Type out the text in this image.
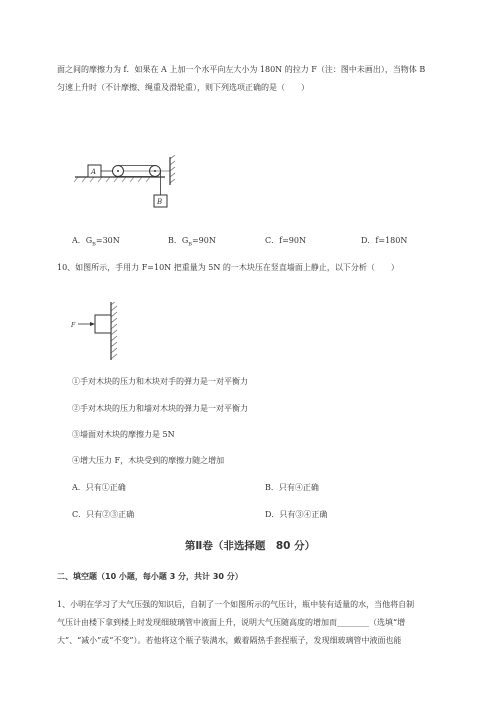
面之间的摩擦力为 f．如果在 A 上加一个水平向左大小为 180N 的拉力 F（注：图中未画出），当物体 B
匀速上升时（不计摩擦、绳重及滑轮重），则下列选项正确的是（　　）
A
B
A．$G_B=30N$	B．$G_B=90N$	C．f=90N	D．f=180N
10、如图所示，手用力 F=10N 把重量为 5N 的一木块压在竖直墙面上静止，以下分析（　　）
F
①手对木块的压力和木块对手的弹力是一对平衡力
②手对木块的压力和墙对木块的弹力是一对平衡力
③墙面对木块的摩擦力是 5N
④增大压力 F，木块受到的摩擦力随之增加
A．只有①正确	B．只有④正确
C．只有②③正确	D．只有③④正确
第Ⅱ卷（非选择题　80 分）
二、填空题（10 小题，每小题 3 分，共计 30 分）
1、小明在学习了大气压强的知识后，自制了一个如图所示的气压计，瓶中装有适量的水，当他将自制
气压计由楼下拿到楼上时发现细玻璃管中液面上升，说明大气压随高度的增加而________（选填“增
大”、“减小”或“不变”）。若他将这个瓶子装满水，戴着隔热手套捏瓶子，发现细玻璃管中液面也能
